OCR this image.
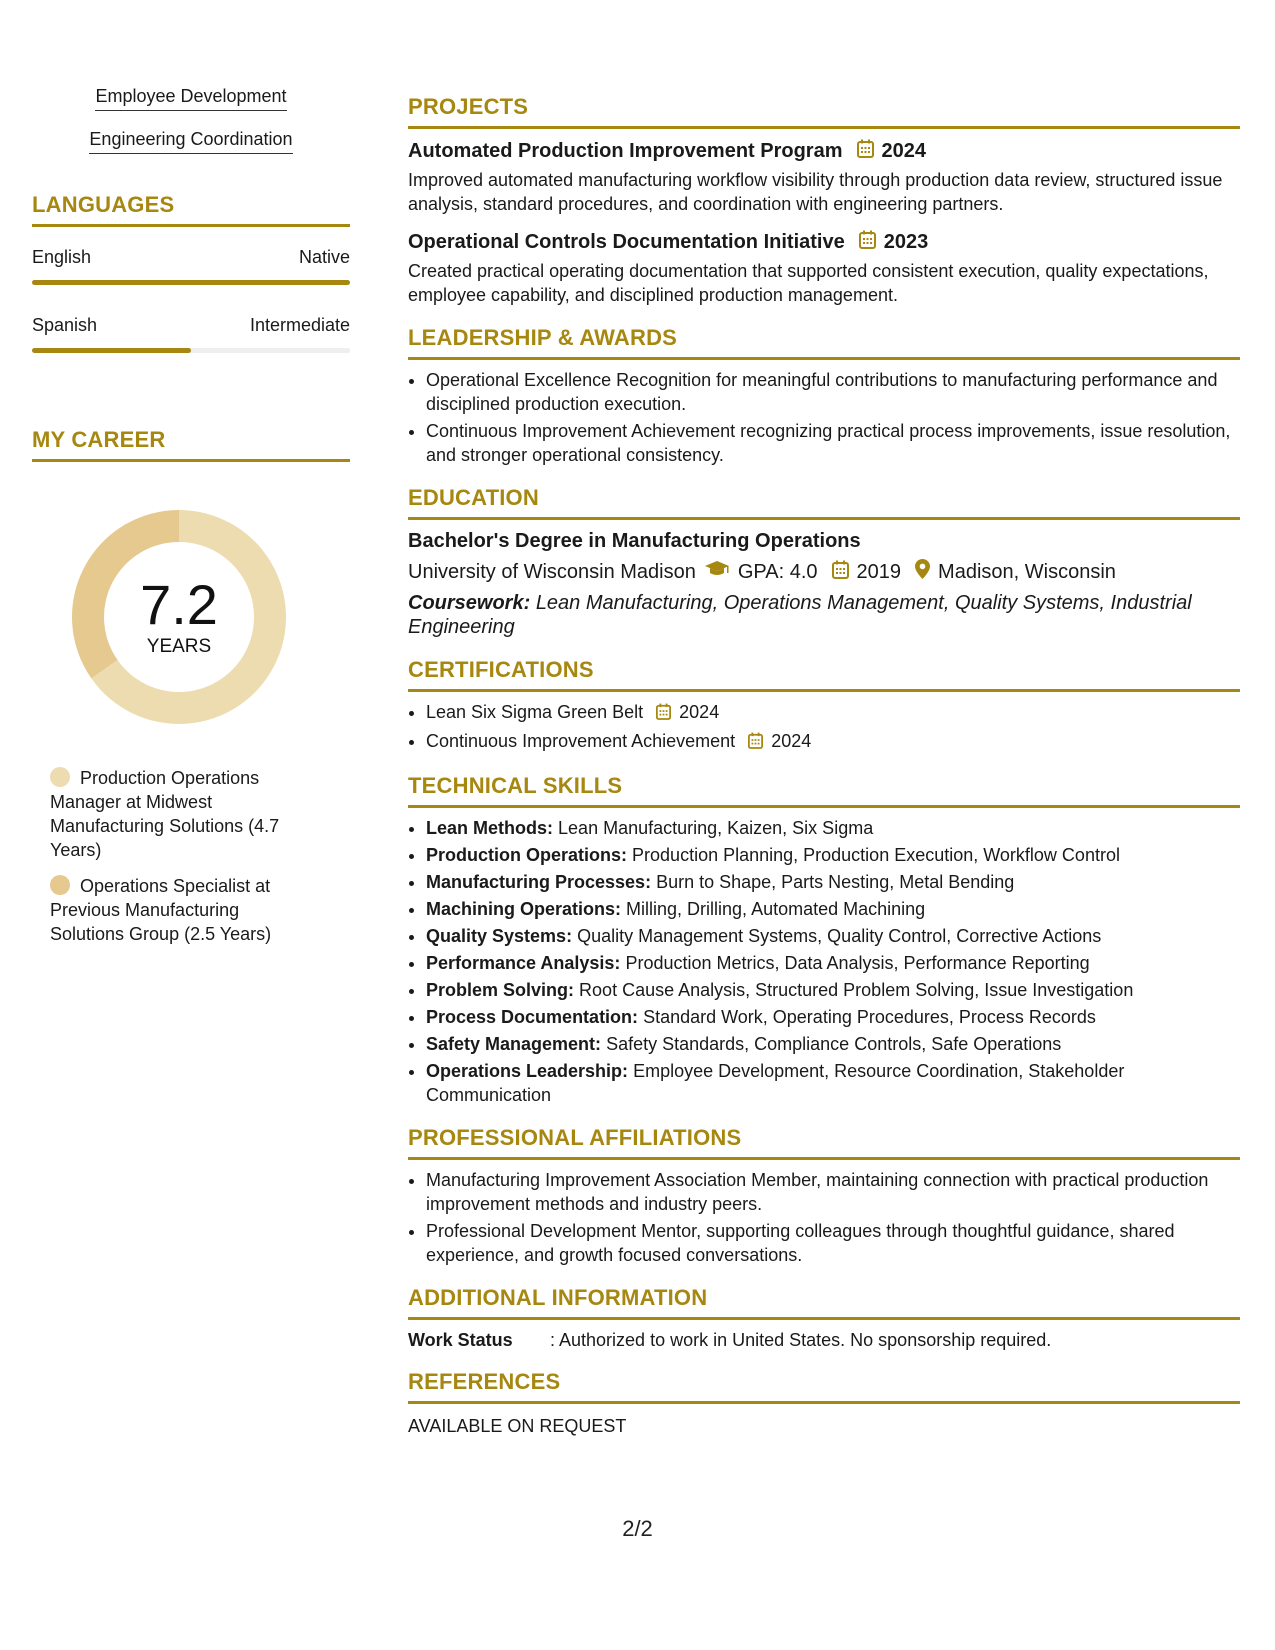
Employee Development
Engineering Coordination
LANGUAGES
English	Native
Spanish	Intermediate
MY CAREER
7.2
YEARS
Production Operations Manager at Midwest Manufacturing Solutions (4.7 Years)
Operations Specialist at Previous Manufacturing Solutions Group (2.5 Years)
PROJECTS
Automated Production Improvement Program 2024
Improved automated manufacturing workflow visibility through production data review, structured issue analysis, standard procedures, and coordination with engineering partners.
Operational Controls Documentation Initiative 2023
Created practical operating documentation that supported consistent execution, quality expectations, employee capability, and disciplined production management.
LEADERSHIP & AWARDS
• Operational Excellence Recognition for meaningful contributions to manufacturing performance and disciplined production execution.
• Continuous Improvement Achievement recognizing practical process improvements, issue resolution, and stronger operational consistency.
EDUCATION
Bachelor's Degree in Manufacturing Operations
University of Wisconsin Madison GPA: 4.0 2019 Madison, Wisconsin
Coursework: Lean Manufacturing, Operations Management, Quality Systems, Industrial Engineering
CERTIFICATIONS
• Lean Six Sigma Green Belt 2024
• Continuous Improvement Achievement 2024
TECHNICAL SKILLS
• Lean Methods: Lean Manufacturing, Kaizen, Six Sigma
• Production Operations: Production Planning, Production Execution, Workflow Control
• Manufacturing Processes: Burn to Shape, Parts Nesting, Metal Bending
• Machining Operations: Milling, Drilling, Automated Machining
• Quality Systems: Quality Management Systems, Quality Control, Corrective Actions
• Performance Analysis: Production Metrics, Data Analysis, Performance Reporting
• Problem Solving: Root Cause Analysis, Structured Problem Solving, Issue Investigation
• Process Documentation: Standard Work, Operating Procedures, Process Records
• Safety Management: Safety Standards, Compliance Controls, Safe Operations
• Operations Leadership: Employee Development, Resource Coordination, Stakeholder Communication
PROFESSIONAL AFFILIATIONS
• Manufacturing Improvement Association Member, maintaining connection with practical production improvement methods and industry peers.
• Professional Development Mentor, supporting colleagues through thoughtful guidance, shared experience, and growth focused conversations.
ADDITIONAL INFORMATION
Work Status : Authorized to work in United States. No sponsorship required.
REFERENCES
AVAILABLE ON REQUEST
2/2
